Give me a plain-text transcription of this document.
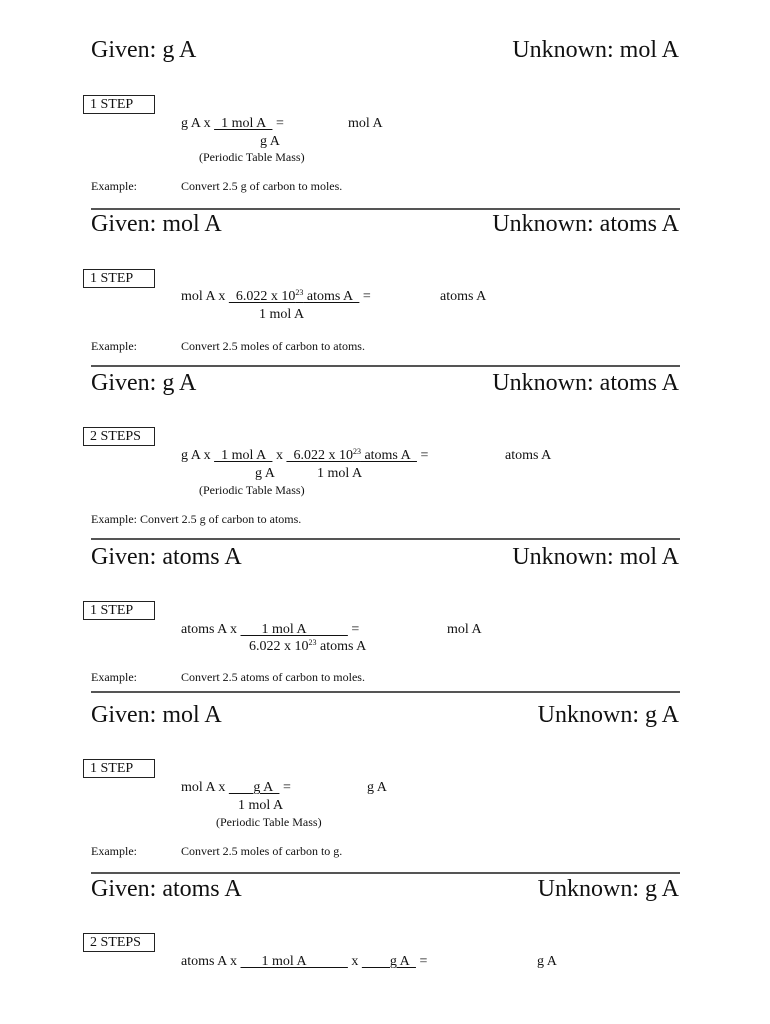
Given: g A	Unknown: mol A
1 STEP
g A x   1 mol A   =	mol A
g A
(Periodic Table Mass)
Example:	Convert 2.5 g of carbon to moles.
Given: mol A	Unknown: atoms A
1 STEP
mol A x   6.022 x $10^{23}$ atoms A   =	atoms A
1 mol A
Example:	Convert 2.5 moles of carbon to atoms.
Given: g A	Unknown: atoms A
2 STEPS
g A x   1 mol A   x   6.022 x $10^{23}$ atoms A   =	atoms A
g A	1 mol A
(Periodic Table Mass)
Example: Convert 2.5 g of carbon to atoms.
Given: atoms A	Unknown: mol A
1 STEP
atoms A x       1 mol A             =	mol A
6.022 x $10^{23}$ atoms A
Example:	Convert 2.5 atoms of carbon to moles.
Given: mol A	Unknown: g A
1 STEP
mol A x        g A   =	g A
1 mol A
(Periodic Table Mass)
Example:	Convert 2.5 moles of carbon to g.
Given: atoms A	Unknown: g A
2 STEPS
atoms A x       1 mol A             x         g A   =	g A
